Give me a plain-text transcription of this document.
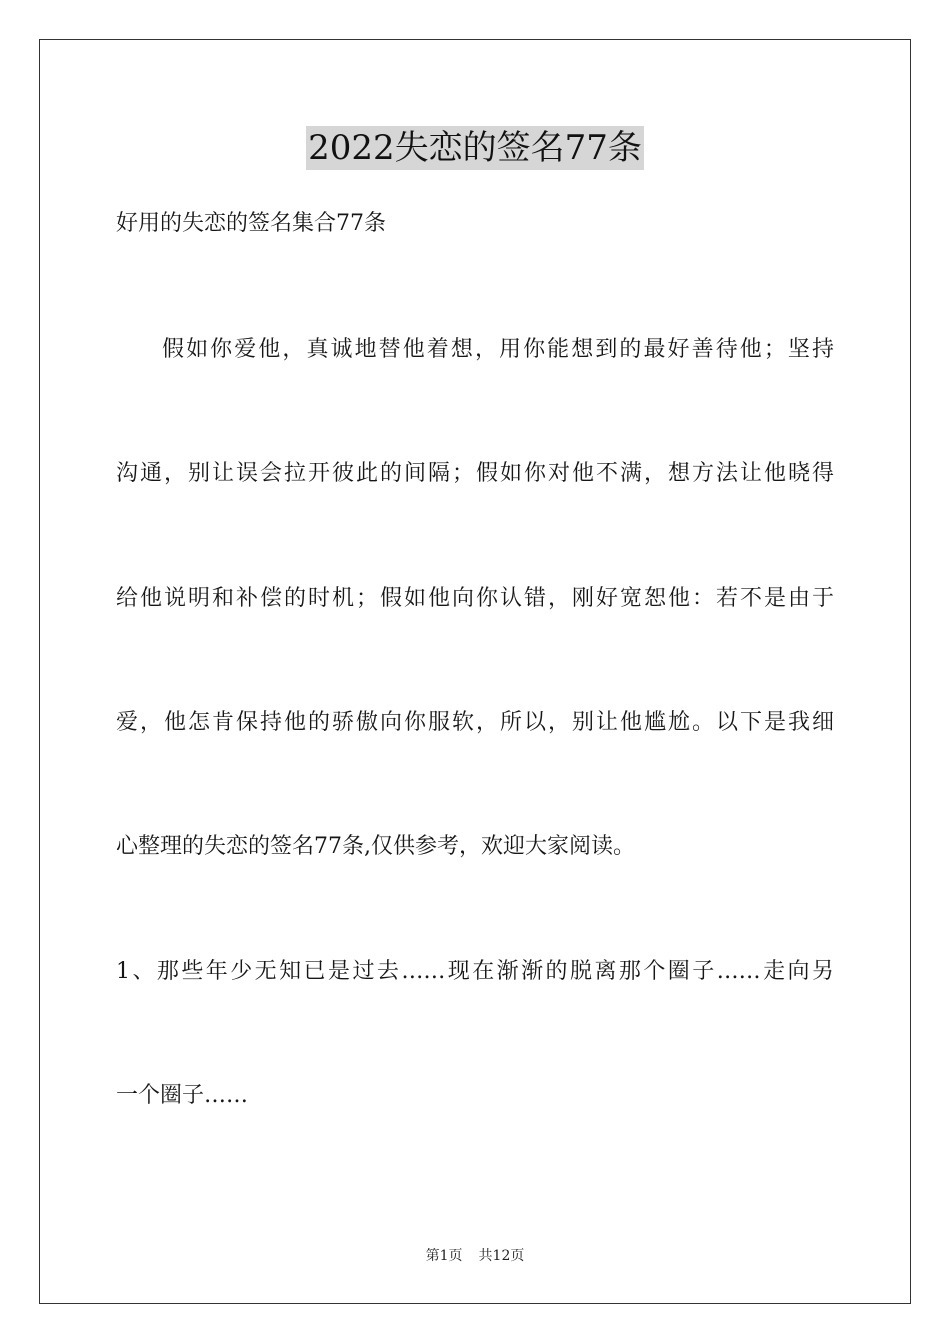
2022失恋的签名77条
好用的失恋的签名集合77条
假如你爱他，真诚地替他着想，用你能想到的最好善待他；坚持
沟通，别让误会拉开彼此的间隔；假如你对他不满，想方法让他晓得
给他说明和补偿的时机；假如他向你认错，刚好宽恕他：若不是由于
爱，他怎肯保持他的骄傲向你服软，所以，别让他尴尬。以下是我细
心整理的失恋的签名77条,仅供参考，欢迎大家阅读。
1、那些年少无知已是过去……现在渐渐的脱离那个圈子……走向另
一个圈子……
第1页 共12页
